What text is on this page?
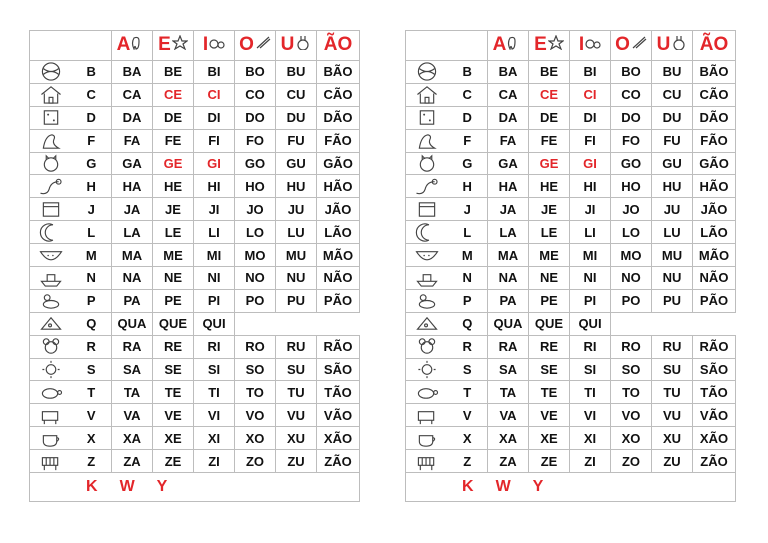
		A	E	I	O	U	ÃO

	B	BA	BE	BI	BO	BU	BÃO

	C	CA	CE	CI	CO	CU	CÃO

	D	DA	DE	DI	DO	DU	DÃO

	F	FA	FE	FI	FO	FU	FÃO

	G	GA	GE	GI	GO	GU	GÃO

	H	HA	HE	HI	HO	HU	HÃO

	J	JA	JE	JI	JO	JU	JÃO

	L	LA	LE	LI	LO	LU	LÃO

	M	MA	ME	MI	MO	MU	MÃO

	N	NA	NE	NI	NO	NU	NÃO

	P	PA	PE	PI	PO	PU	PÃO

	Q	QUA	QUE	QUI			

	R	RA	RE	RI	RO	RU	RÃO

	S	SA	SE	SI	SO	SU	SÃO

	T	TA	TE	TI	TO	TU	TÃO

	V	VA	VE	VI	VO	VU	VÃO

	X	XA	XE	XI	XO	XU	XÃO

	Z	ZA	ZE	ZI	ZO	ZU	ZÃO
K W Y							
		A	E	I	O	U	ÃO

	B	BA	BE	BI	BO	BU	BÃO

	C	CA	CE	CI	CO	CU	CÃO

	D	DA	DE	DI	DO	DU	DÃO

	F	FA	FE	FI	FO	FU	FÃO

	G	GA	GE	GI	GO	GU	GÃO

	H	HA	HE	HI	HO	HU	HÃO

	J	JA	JE	JI	JO	JU	JÃO

	L	LA	LE	LI	LO	LU	LÃO

	M	MA	ME	MI	MO	MU	MÃO

	N	NA	NE	NI	NO	NU	NÃO

	P	PA	PE	PI	PO	PU	PÃO

	Q	QUA	QUE	QUI			

	R	RA	RE	RI	RO	RU	RÃO

	S	SA	SE	SI	SO	SU	SÃO

	T	TA	TE	TI	TO	TU	TÃO

	V	VA	VE	VI	VO	VU	VÃO

	X	XA	XE	XI	XO	XU	XÃO

	Z	ZA	ZE	ZI	ZO	ZU	ZÃO
K W Y							
